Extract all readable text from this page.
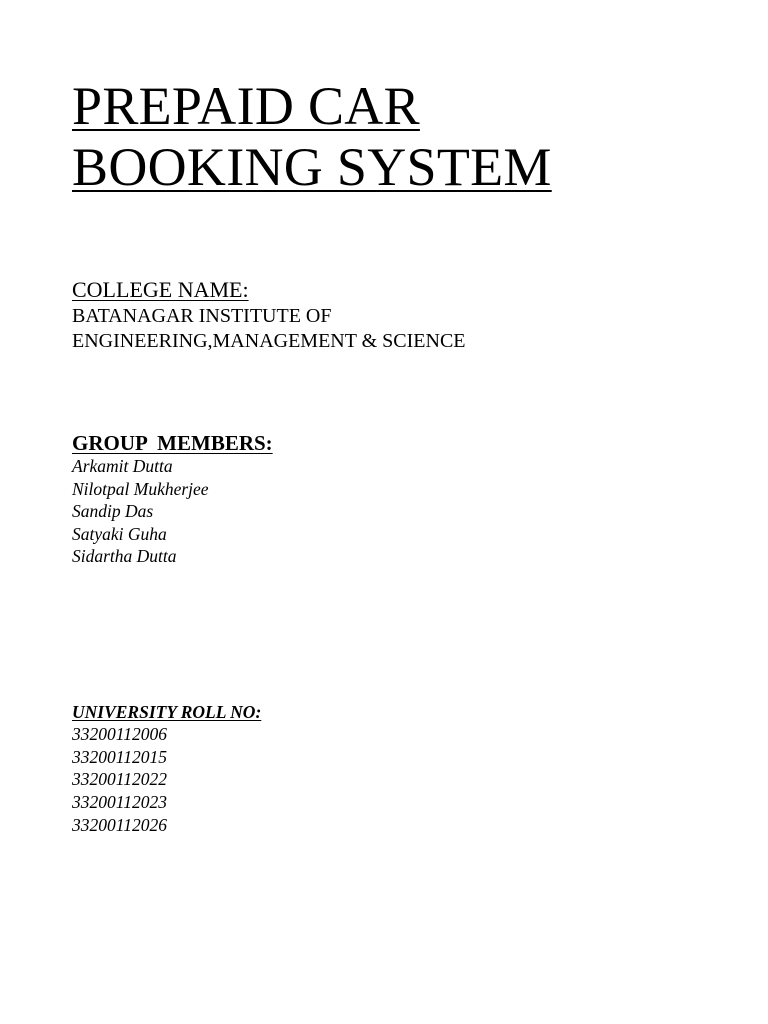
PREPAID CAR BOOKING SYSTEM
COLLEGE NAME:
BATANAGAR INSTITUTE OF
ENGINEERING,MANAGEMENT & SCIENCE
GROUP  MEMBERS:
Arkamit Dutta
Nilotpal Mukherjee
Sandip Das
Satyaki Guha
Sidartha Dutta
UNIVERSITY ROLL NO:
33200112006
33200112015
33200112022
33200112023
33200112026
